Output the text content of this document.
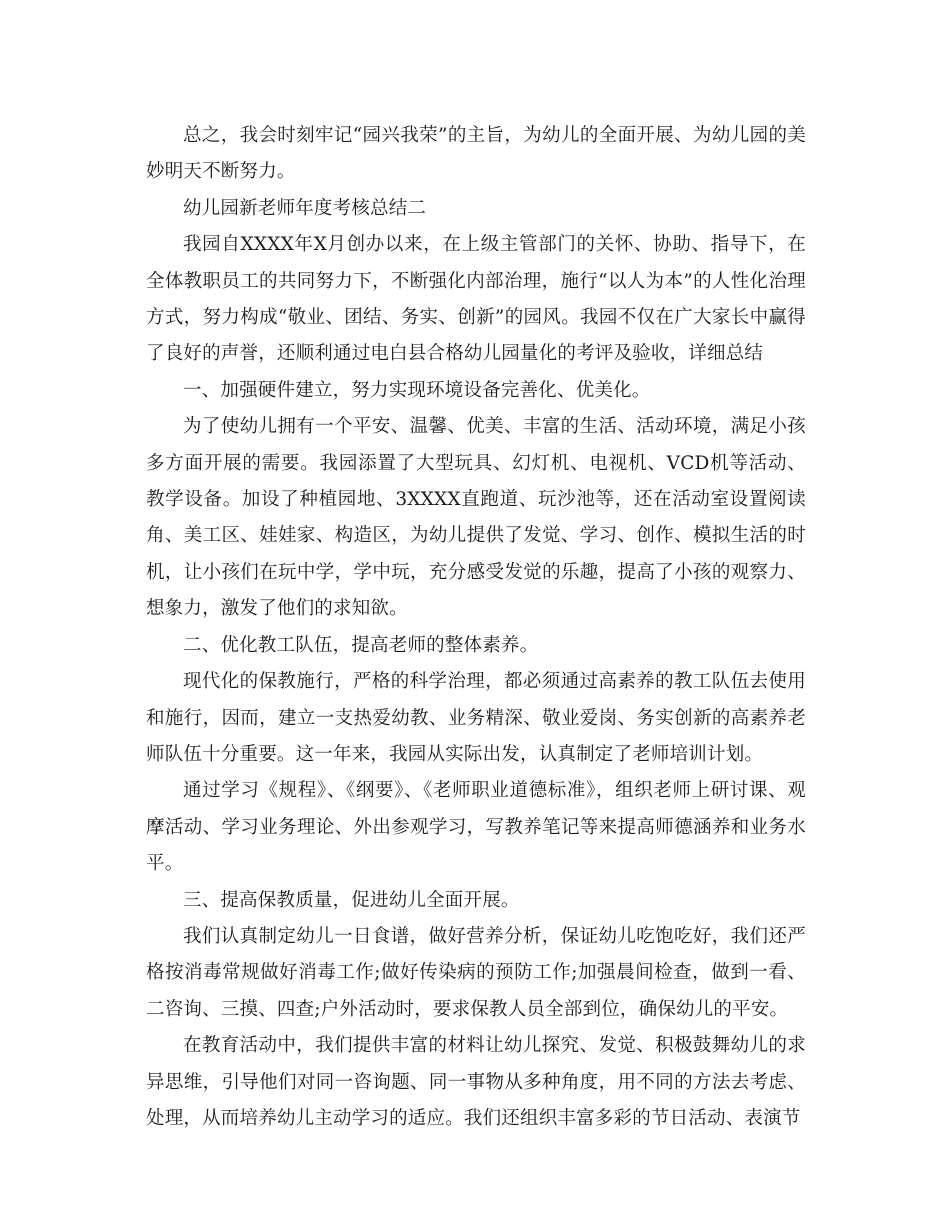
总之，我会时刻牢记“园兴我荣”的主旨，为幼儿的全面开展、为幼儿园的美妙明天不断努力。

幼儿园新老师年度考核总结二

我园自XXXX年X月创办以来，在上级主管部门的关怀、协助、指导下，在全体教职员工的共同努力下，不断强化内部治理，施行“以人为本”的人性化治理方式，努力构成“敬业、团结、务实、创新”的园风。我园不仅在广大家长中赢得了良好的声誉，还顺利通过电白县合格幼儿园量化的考评及验收，详细总结

一、加强硬件建立，努力实现环境设备完善化、优美化。

为了使幼儿拥有一个平安、温馨、优美、丰富的生活、活动环境，满足小孩多方面开展的需要。我园添置了大型玩具、幻灯机、电视机、VCD机等活动、教学设备。加设了种植园地、3XXXX直跑道、玩沙池等，还在活动室设置阅读角、美工区、娃娃家、构造区，为幼儿提供了发觉、学习、创作、模拟生活的时机，让小孩们在玩中学，学中玩，充分感受发觉的乐趣，提高了小孩的观察力、想象力，激发了他们的求知欲。

二、优化教工队伍，提高老师的整体素养。

现代化的保教施行，严格的科学治理，都必须通过高素养的教工队伍去使用和施行，因而，建立一支热爱幼教、业务精深、敬业爱岗、务实创新的高素养老师队伍十分重要。这一年来，我园从实际出发，认真制定了老师培训计划。

通过学习《规程》、《纲要》、《老师职业道德标准》，组织老师上研讨课、观摩活动、学习业务理论、外出参观学习，写教养笔记等来提高师德涵养和业务水平。

三、提高保教质量，促进幼儿全面开展。

我们认真制定幼儿一日食谱，做好营养分析，保证幼儿吃饱吃好，我们还严格按消毒常规做好消毒工作;做好传染病的预防工作;加强晨间检查，做到一看、二咨询、三摸、四查;户外活动时，要求保教人员全部到位，确保幼儿的平安。

在教育活动中，我们提供丰富的材料让幼儿探究、发觉、积极鼓舞幼儿的求异思维，引导他们对同一咨询题、同一事物从多种角度，用不同的方法去考虑、处理，从而培养幼儿主动学习的适应。我们还组织丰富多彩的节日活动、表演节
